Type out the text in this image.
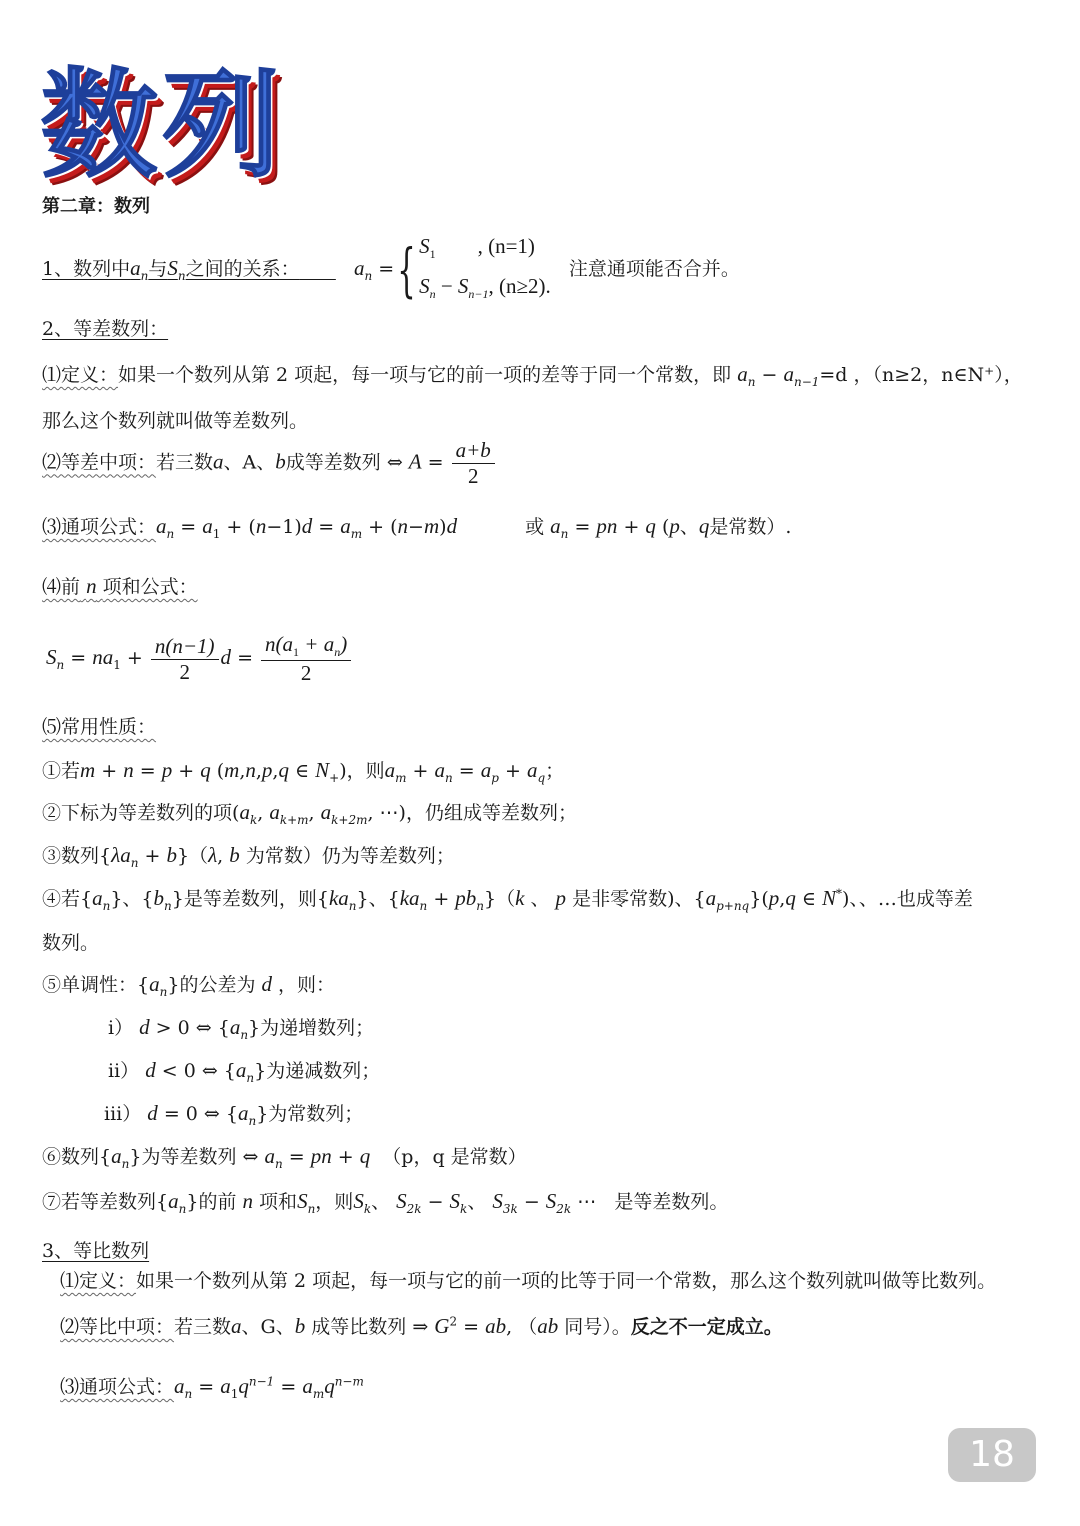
数列
第二章：数列
1、数列中$a_n$与$S_n$之间的关系：	$a_n$ ={ $S_1$        , (n=1)
$S_n - S_{n-1}$, (n≥2).   注意通项能否合并。
2、等差数列：
⑴定义：如果一个数列从第 2 项起，每一项与它的前一项的差等于同一个常数，即 $a_n - a_{n-1}=d$ ，（n≥2，n∈N⁺），
那么这个数列就叫做等差数列。
⑵等差中项：若三数a、A、b成等差数列 ⇔ $A = \frac{a+b}{2}$
⑶通项公式：$a_n = a_1 + (n-1)d = a_m + (n-m)d$	或 $a_n$ = pn + q (p、q是常数）.
⑷前 n 项和公式：
$S_n = na_1 + \frac{n(n-1)}{2}$ $d = \frac{n(a_1 + a_n)}{2}$
⑸常用性质：
①若m + n = p + q (m,n,p,q ∈ $N_+$)，则$a_m + a_n = a_p + a_q$；
②下标为等差数列的项($a_k$, $a_{k+m}$, $a_{k+2m}$, ⋯)，仍组成等差数列；
③数列$\{\lambda a_n + b\}(\lambda$, b 为常数）仍为等差数列；
④若$\{a_n\}$、$\{b_n\}$是等差数列，则$\{ka_n\}$、$\{ka_n + pb_n\}(k$ 、 p 是非零常数)、$\{a_{p+nq}\}(p,q$ ∈ N*)、、…也成等差
数列。
⑤单调性：$\{a_n\}$的公差为 d ，则：
ⅰ） d > 0 ⇔ $\{a_n\}$为递增数列；
ⅱ） d < 0 ⇔ $\{a_n\}$为递减数列；
ⅲ） d = 0 ⇔ $\{a_n\}$为常数列；
⑥数列$\{a_n\}$为等差数列 ⇔ $a_n$ = pn + q （p，q 是常数）
⑦若等差数列$\{a_n\}$的前 n 项和$S_n$，则$S_k$、 $S_{2k} - S_k$、 $S_{3k} - S_{2k}$ ⋯   是等差数列。
3、等比数列
⑴定义：如果一个数列从第 2 项起，每一项与它的前一项的比等于同一个常数，那么这个数列就叫做等比数列。
⑵等比中项：若三数a、G、b 成等比数列 ⇒ $G^2$ = ab, （ab 同号）。反之不一定成立。
⑶通项公式：$a_n = a_1q^{n-1} = a_mq^{n-m}$
18
